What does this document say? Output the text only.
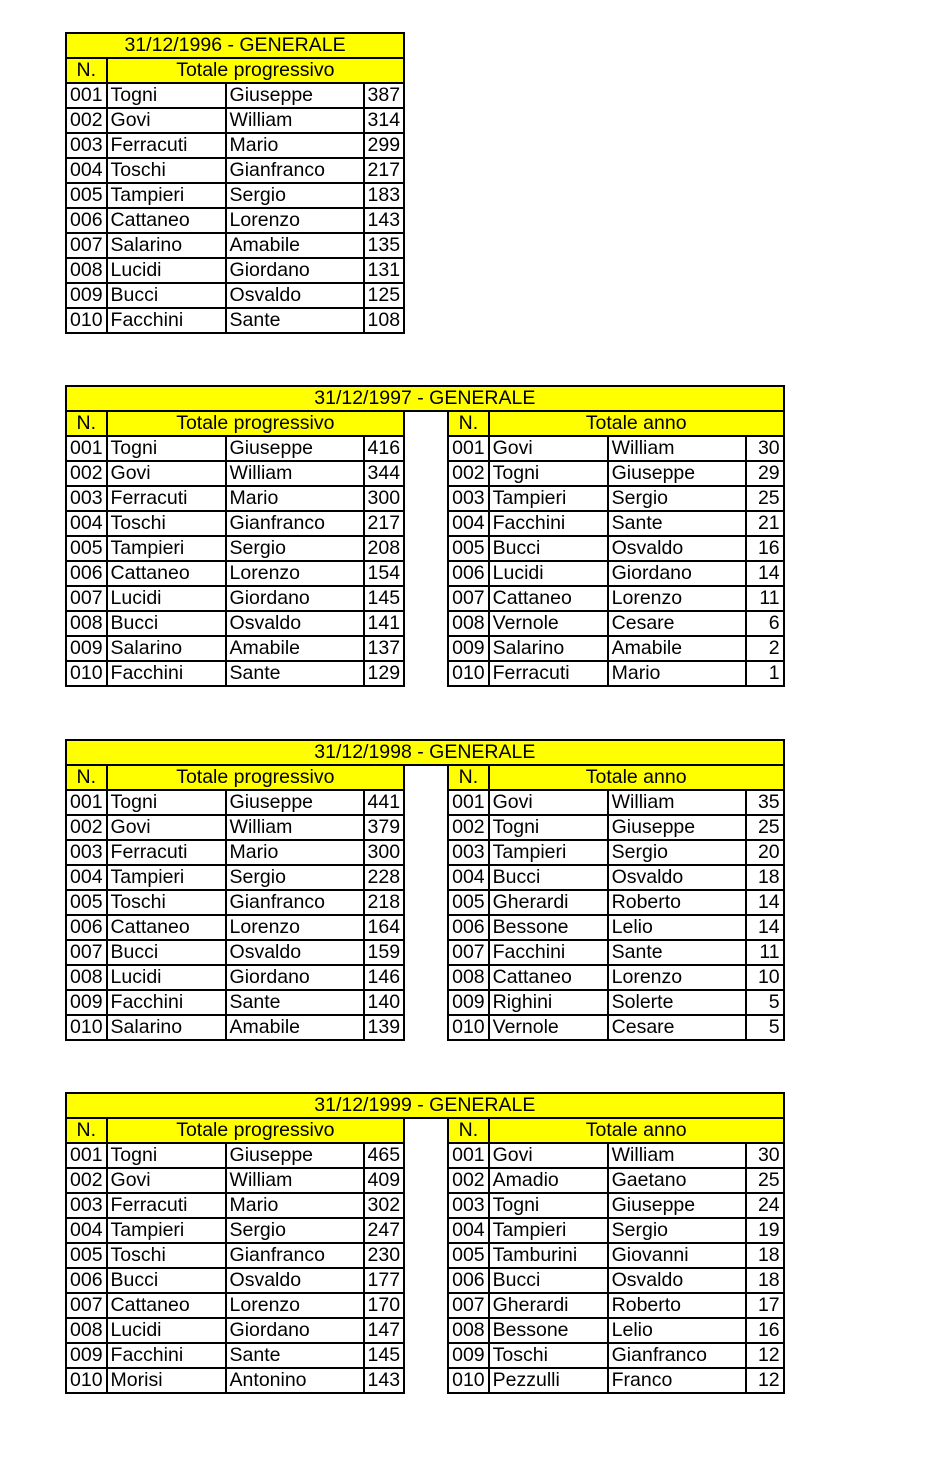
31/12/1996 - GENERALE			
N.	Totale progressivo		
001	Togni	Giuseppe	387
002	Govi	William	314
003	Ferracuti	Mario	299
004	Toschi	Gianfranco	217
005	Tampieri	Sergio	183
006	Cattaneo	Lorenzo	143
007	Salarino	Amabile	135
008	Lucidi	Giordano	131
009	Bucci	Osvaldo	125
010	Facchini	Sante	108
31/12/1997 - GENERALE								
N.	Totale progressivo				N.	Totale anno		
001	Togni	Giuseppe	416		001	Govi	William	30
002	Govi	William	344		002	Togni	Giuseppe	29
003	Ferracuti	Mario	300		003	Tampieri	Sergio	25
004	Toschi	Gianfranco	217		004	Facchini	Sante	21
005	Tampieri	Sergio	208		005	Bucci	Osvaldo	16
006	Cattaneo	Lorenzo	154		006	Lucidi	Giordano	14
007	Lucidi	Giordano	145		007	Cattaneo	Lorenzo	11
008	Bucci	Osvaldo	141		008	Vernole	Cesare	6
009	Salarino	Amabile	137		009	Salarino	Amabile	2
010	Facchini	Sante	129		010	Ferracuti	Mario	1
31/12/1998 - GENERALE								
N.	Totale progressivo				N.	Totale anno		
001	Togni	Giuseppe	441		001	Govi	William	35
002	Govi	William	379		002	Togni	Giuseppe	25
003	Ferracuti	Mario	300		003	Tampieri	Sergio	20
004	Tampieri	Sergio	228		004	Bucci	Osvaldo	18
005	Toschi	Gianfranco	218		005	Gherardi	Roberto	14
006	Cattaneo	Lorenzo	164		006	Bessone	Lelio	14
007	Bucci	Osvaldo	159		007	Facchini	Sante	11
008	Lucidi	Giordano	146		008	Cattaneo	Lorenzo	10
009	Facchini	Sante	140		009	Righini	Solerte	5
010	Salarino	Amabile	139		010	Vernole	Cesare	5
31/12/1999 - GENERALE								
N.	Totale progressivo				N.	Totale anno		
001	Togni	Giuseppe	465		001	Govi	William	30
002	Govi	William	409		002	Amadio	Gaetano	25
003	Ferracuti	Mario	302		003	Togni	Giuseppe	24
004	Tampieri	Sergio	247		004	Tampieri	Sergio	19
005	Toschi	Gianfranco	230		005	Tamburini	Giovanni	18
006	Bucci	Osvaldo	177		006	Bucci	Osvaldo	18
007	Cattaneo	Lorenzo	170		007	Gherardi	Roberto	17
008	Lucidi	Giordano	147		008	Bessone	Lelio	16
009	Facchini	Sante	145		009	Toschi	Gianfranco	12
010	Morisi	Antonino	143		010	Pezzulli	Franco	12
